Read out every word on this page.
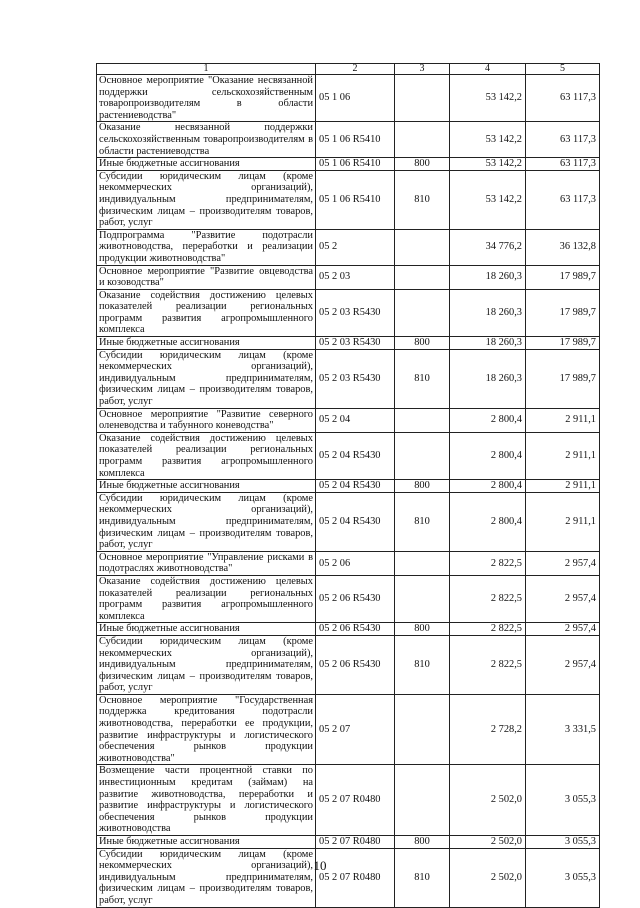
1	2	3	4	5
Основное мероприятие "Оказание несвязанной поддержки сельскохозяйственным товаропроизводителям в области растениеводства"	05 1 06		53 142,2	63 117,3
Оказание несвязанной поддержки сельскохозяйственным товаропроизводителям в области растениеводства	05 1 06 R5410		53 142,2	63 117,3
Иные бюджетные ассигнования	05 1 06 R5410	800	53 142,2	63 117,3
Субсидии юридическим лицам (кроме некоммерческих организаций), индивидуальным предпринимателям, физическим лицам – производителям товаров, работ, услуг	05 1 06 R5410	810	53 142,2	63 117,3
Подпрограмма "Развитие подотрасли животноводства, переработки и реализации продукции животноводства"	05 2		34 776,2	36 132,8
Основное мероприятие "Развитие овцеводства и козоводства"	05 2 03		18 260,3	17 989,7
Оказание содействия достижению целевых показателей реализации региональных программ развития агропромышленного комплекса	05 2 03 R5430		18 260,3	17 989,7
Иные бюджетные ассигнования	05 2 03 R5430	800	18 260,3	17 989,7
Субсидии юридическим лицам (кроме некоммерческих организаций), индивидуальным предпринимателям, физическим лицам – производителям товаров, работ, услуг	05 2 03 R5430	810	18 260,3	17 989,7
Основное мероприятие "Развитие северного оленеводства и табунного коневодства"	05 2 04		2 800,4	2 911,1
Оказание содействия достижению целевых показателей реализации региональных программ развития агропромышленного комплекса	05 2 04 R5430		2 800,4	2 911,1
Иные бюджетные ассигнования	05 2 04 R5430	800	2 800,4	2 911,1
Субсидии юридическим лицам (кроме некоммерческих организаций), индивидуальным предпринимателям, физическим лицам – производителям товаров, работ, услуг	05 2 04 R5430	810	2 800,4	2 911,1
Основное мероприятие "Управление рисками в подотраслях животноводства"	05 2 06		2 822,5	2 957,4
Оказание содействия достижению целевых показателей реализации региональных программ развития агропромышленного комплекса	05 2 06 R5430		2 822,5	2 957,4
Иные бюджетные ассигнования	05 2 06 R5430	800	2 822,5	2 957,4
Субсидии юридическим лицам (кроме некоммерческих организаций), индивидуальным предпринимателям, физическим лицам – производителям товаров, работ, услуг	05 2 06 R5430	810	2 822,5	2 957,4
Основное мероприятие "Государственная поддержка кредитования подотрасли животноводства, переработки ее продукции, развитие инфраструктуры и логистического обеспечения рынков продукции животноводства"	05 2 07		2 728,2	3 331,5
Возмещение части процентной ставки по инвестиционным кредитам (займам) на развитие животноводства, переработки и развитие инфраструктуры и логистического обеспечения рынков продукции животноводства	05 2 07 R0480		2 502,0	3 055,3
Иные бюджетные ассигнования	05 2 07 R0480	800	2 502,0	3 055,3
Субсидии юридическим лицам (кроме некоммерческих организаций), индивидуальным предпринимателям, физическим лицам – производителям товаров, работ, услуг	05 2 07 R0480	810	2 502,0	3 055,3
10
